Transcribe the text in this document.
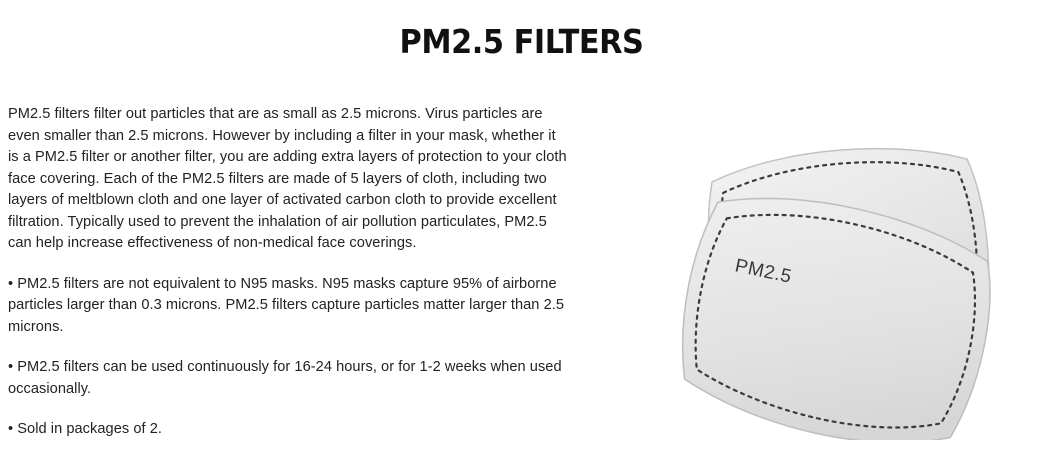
PM2.5 FILTERS

PM2.5 filters filter out particles that are as small as 2.5 microns. Virus particles are even smaller than 2.5 microns. However by including a filter in your mask, whether it is a PM2.5 filter or another filter, you are adding extra layers of protection to your cloth face covering. Each of the PM2.5 filters are made of 5 layers of cloth, including two layers of meltblown cloth and one layer of activated carbon cloth to provide excellent filtration. Typically used to prevent the inhalation of air pollution particulates, PM2.5 can help increase effectiveness of non-medical face coverings.

• PM2.5 filters are not equivalent to N95 masks. N95 masks capture 95% of airborne particles larger than 0.3 microns. PM2.5 filters capture particles matter larger than 2.5 microns.

• PM2.5 filters can be used continuously for 16-24 hours, or for 1-2 weeks when used occasionally.

• Sold in packages of 2.

PM2.5
